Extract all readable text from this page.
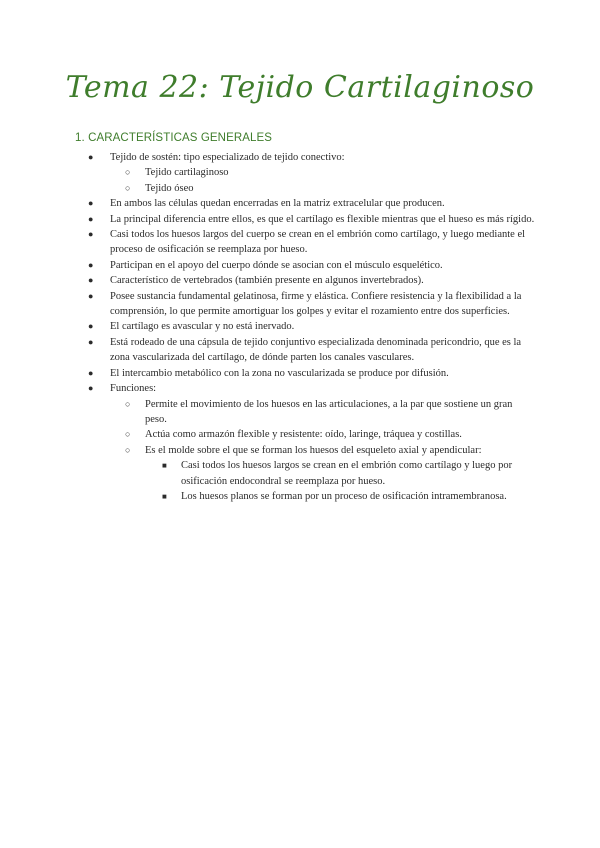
Tema 22: Tejido Cartilaginoso
1. CARACTERÍSTICAS GENERALES
● Tejido de sostén: tipo especializado de tejido conectivo:
○ Tejido cartilaginoso
○ Tejido óseo
● En ambos las células quedan encerradas en la matriz extracelular que producen.
● La principal diferencia entre ellos, es que el cartílago es flexible mientras que el hueso es más rígido.
● Casi todos los huesos largos del cuerpo se crean en el embrión como cartílago, y luego mediante el proceso de osificación se reemplaza por hueso.
● Participan en el apoyo del cuerpo dónde se asocian con el músculo esquelético.
● Característico de vertebrados (también presente en algunos invertebrados).
● Posee sustancia fundamental gelatinosa, firme y elástica. Confiere resistencia y la flexibilidad a la comprensión, lo que permite amortiguar los golpes y evitar el rozamiento entre dos superficies.
● El cartílago es avascular y no está inervado.
● Está rodeado de una cápsula de tejido conjuntivo especializada denominada pericondrio, que es la zona vascularizada del cartílago, de dónde parten los canales vasculares.
● El intercambio metabólico con la zona no vascularizada se produce por difusión.
● Funciones:
○ Permite el movimiento de los huesos en las articulaciones, a la par que sostiene un gran peso.
○ Actúa como armazón flexible y resistente: oído, laringe, tráquea y costillas.
○ Es el molde sobre el que se forman los huesos del esqueleto axial y apendicular:
■ Casi todos los huesos largos se crean en el embrión como cartílago y luego por osificación endocondral se reemplaza por hueso.
■ Los huesos planos se forman por un proceso de osificación intramembranosa.
